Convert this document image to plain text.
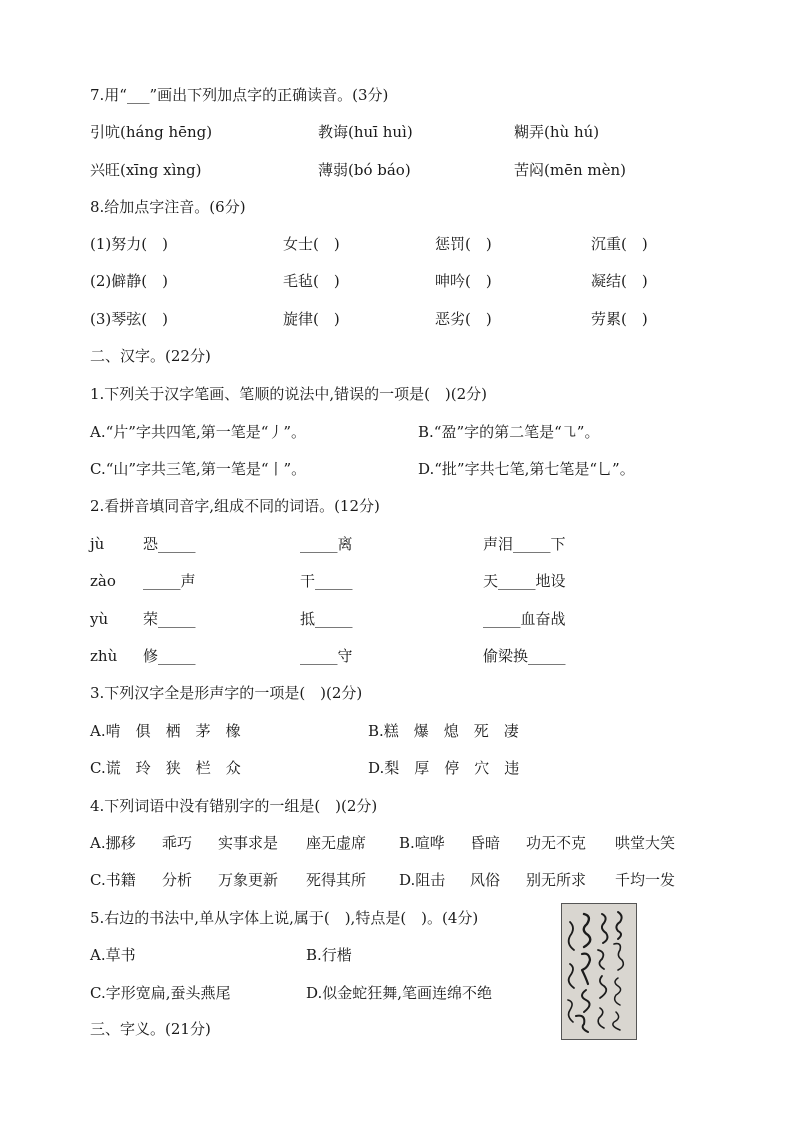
7.用“___”画出下列加点字的正确读音。(3分)
引吭(háng hēng)	教诲(huī huì)	糊弄(hù hú)
兴旺(xīng xìng)	薄弱(bó báo)	苦闷(mēn mèn)
8.给加点字注音。(6分)
(1)努力(　)	女士(　)	惩罚(　)	沉重(　)
(2)僻静(　)	毛毡(　)	呻吟(　)	凝结(　)
(3)琴弦(　)	旋律(　)	恶劣(　)	劳累(　)
二、汉字。(22分)
1.下列关于汉字笔画、笔顺的说法中,错误的一项是(　)(2分)
A.“片”字共四笔,第一笔是“丿”。	B.“盈”字的第二笔是“㇈”。
C.“山”字共三笔,第一笔是“丨”。	D.“批”字共七笔,第七笔是“乚”。
2.看拼音填同音字,组成不同的词语。(12分)
jù	恐_____	_____离	声泪_____下
zào _____声	干_____	天_____地设
yù 荣_____	抵_____	_____血奋战
zhù 修_____	_____守	偷梁换_____
3.下列汉字全是形声字的一项是(　)(2分)
A.啃　俱　栖　茅　橡	B.糕　爆　熄　死　凄
C.谎　玲　狭　栏　众	D.梨　厚　停　穴　违
4.下列词语中没有错别字的一组是(　)(2分)
A.挪移 乖巧 实事求是 座无虚席 B.喧哗 昏暗 功无不克 哄堂大笑
C.书籍 分析 万象更新 死得其所 D.阻击 风俗 别无所求 千均一发
5.右边的书法中,单从字体上说,属于(　),特点是(　)。(4分)
A.草书	B.行楷
C.字形宽扁,蚕头燕尾	D.似金蛇狂舞,笔画连绵不绝
三、字义。(21分)
